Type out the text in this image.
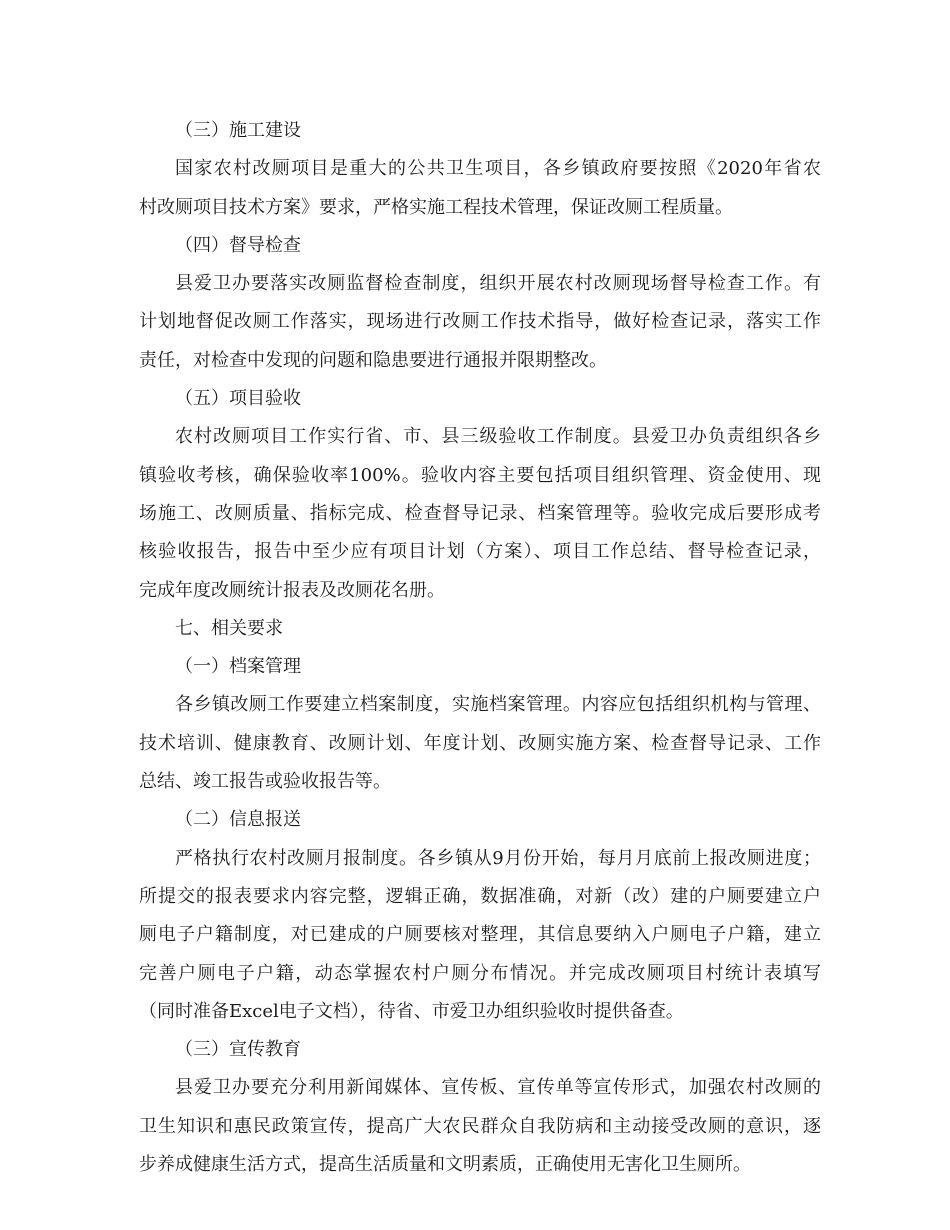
（三）施工建设
国家农村改厕项目是重大的公共卫生项目，各乡镇政府要按照《2020年省农
村改厕项目技术方案》要求，严格实施工程技术管理，保证改厕工程质量。
（四）督导检查
县爱卫办要落实改厕监督检查制度，组织开展农村改厕现场督导检查工作。有
计划地督促改厕工作落实，现场进行改厕工作技术指导，做好检查记录，落实工作
责任，对检查中发现的问题和隐患要进行通报并限期整改。
（五）项目验收
农村改厕项目工作实行省、市、县三级验收工作制度。县爱卫办负责组织各乡
镇验收考核，确保验收率100%。验收内容主要包括项目组织管理、资金使用、现
场施工、改厕质量、指标完成、检查督导记录、档案管理等。验收完成后要形成考
核验收报告，报告中至少应有项目计划（方案）、项目工作总结、督导检查记录，
完成年度改厕统计报表及改厕花名册。
七、相关要求
（一）档案管理
各乡镇改厕工作要建立档案制度，实施档案管理。内容应包括组织机构与管理、
技术培训、健康教育、改厕计划、年度计划、改厕实施方案、检查督导记录、工作
总结、竣工报告或验收报告等。
（二）信息报送
严格执行农村改厕月报制度。各乡镇从9月份开始，每月月底前上报改厕进度；
所提交的报表要求内容完整，逻辑正确，数据准确，对新（改）建的户厕要建立户
厕电子户籍制度，对已建成的户厕要核对整理，其信息要纳入户厕电子户籍，建立
完善户厕电子户籍，动态掌握农村户厕分布情况。并完成改厕项目村统计表填写
（同时准备Excel电子文档），待省、市爱卫办组织验收时提供备查。
（三）宣传教育
县爱卫办要充分利用新闻媒体、宣传板、宣传单等宣传形式，加强农村改厕的
卫生知识和惠民政策宣传，提高广大农民群众自我防病和主动接受改厕的意识，逐
步养成健康生活方式，提高生活质量和文明素质，正确使用无害化卫生厕所。
